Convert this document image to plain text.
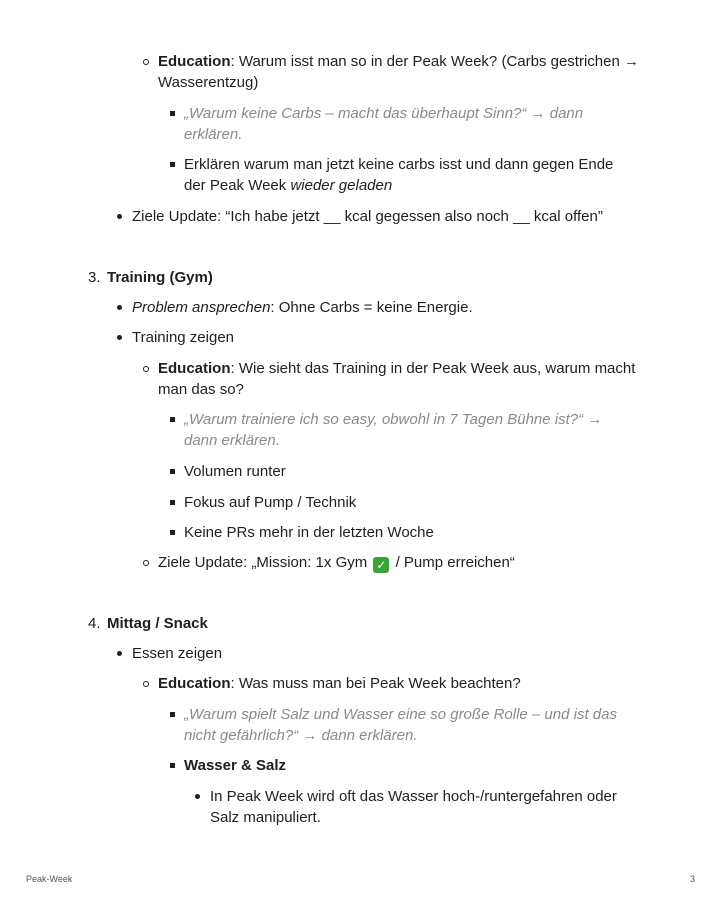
Education: Warum isst man so in der Peak Week? (Carbs gestrichen →
Wasserentzug)
„Warum keine Carbs – macht das überhaupt Sinn?“ → dann
erklären.
Erklären warum man jetzt keine carbs isst und dann gegen Ende
der Peak Week wieder geladen
Ziele Update: “Ich habe jetzt __ kcal gegessen also noch __ kcal offen”
3. Training (Gym)
Problem ansprechen: Ohne Carbs = keine Energie.
Training zeigen
Education: Wie sieht das Training in der Peak Week aus, warum macht
man das so?
„Warum trainiere ich so easy, obwohl in 7 Tagen Bühne ist?“ →
dann erklären.
Volumen runter
Fokus auf Pump / Technik
Keine PRs mehr in der letzten Woche
Ziele Update: „Mission: 1x Gym ✓ / Pump erreichen“
4. Mittag / Snack
Essen zeigen
Education: Was muss man bei Peak Week beachten?
„Warum spielt Salz und Wasser eine so große Rolle – und ist das
nicht gefährlich?“ → dann erklären.
Wasser & Salz
In Peak Week wird oft das Wasser hoch-/runtergefahren oder
Salz manipuliert.
Peak-Week	3
